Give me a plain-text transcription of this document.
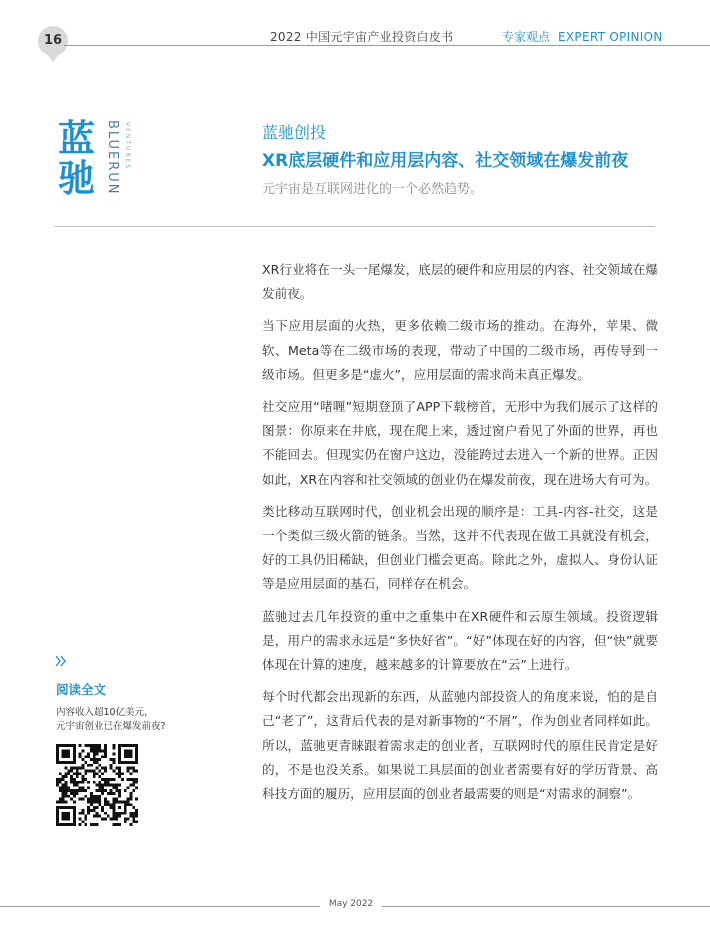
16	2022 中国元宇宙产业投资白皮书	专家观点 EXPERT OPINION
蓝
驰 BLUERUN VENTURES	蓝驰创投
XR底层硬件和应用层内容、社交领域在爆发前夜
元宇宙是互联网进化的一个必然趋势。

XR行业将在一头一尾爆发，底层的硬件和应用层的内容、社交领域在爆发前夜。

当下应用层面的火热，更多依赖二级市场的推动。在海外，苹果、微软、Meta等在二级市场的表现，带动了中国的二级市场，再传导到一级市场。但更多是“虚火”，应用层面的需求尚未真正爆发。

社交应用“啫喱”短期登顶了APP下载榜首，无形中为我们展示了这样的图景：你原来在井底，现在爬上来，透过窗户看见了外面的世界，再也不能回去。但现实仍在窗户这边，没能跨过去进入一个新的世界。正因如此，XR在内容和社交领域的创业仍在爆发前夜，现在进场大有可为。

类比移动互联网时代，创业机会出现的顺序是：工具-内容-社交，这是一个类似三级火箭的链条。当然，这并不代表现在做工具就没有机会，好的工具仍旧稀缺，但创业门槛会更高。除此之外，虚拟人、身份认证等是应用层面的基石，同样存在机会。

蓝驰过去几年投资的重中之重集中在XR硬件和云原生领域。投资逻辑是，用户的需求永远是“多快好省”。“好”体现在好的内容，但“快”就要体现在计算的速度，越来越多的计算要放在“云”上进行。

每个时代都会出现新的东西，从蓝驰内部投资人的角度来说，怕的是自己“老了”，这背后代表的是对新事物的“不屑”，作为创业者同样如此。所以，蓝驰更青睐跟着需求走的创业者，互联网时代的原住民肯定是好的，不是也没关系。如果说工具层面的创业者需要有好的学历背景、高科技方面的履历，应用层面的创业者最需要的则是“对需求的洞察”。

阅读全文
内容收入超10亿美元，
元宇宙创业已在爆发前夜?
May 2022
